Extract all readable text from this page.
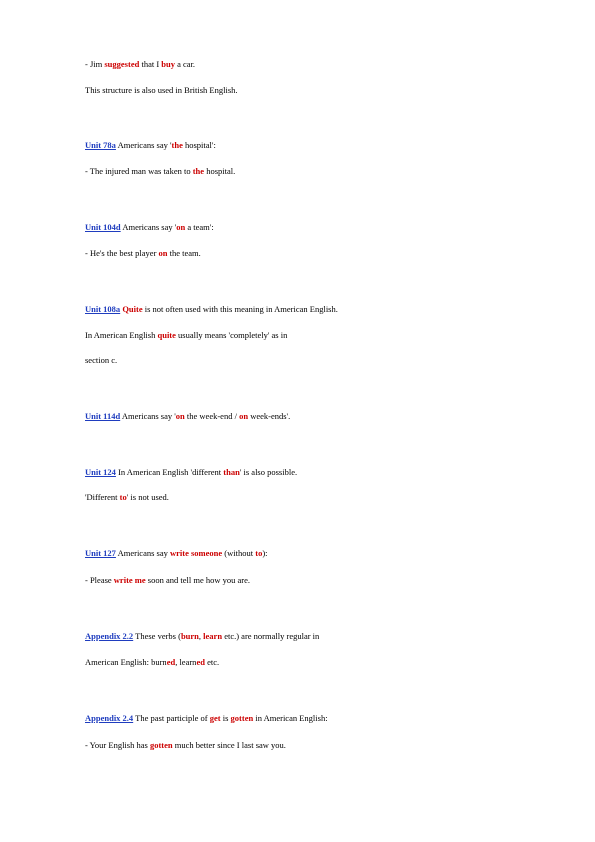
- Jim suggested that I buy a car.
This structure is also used in British English.
Unit 78a Americans say 'the hospital':
- The injured man was taken to the hospital.
Unit 104d Americans say 'on a team':
- He's the best player on the team.
Unit 108a Quite is not often used with this meaning in American English.
In American English quite usually means 'completely' as in
section c.
Unit 114d Americans say 'on the week-end / on week-ends'.
Unit 124 In American English 'different than' is also possible.
'Different to' is not used.
Unit 127 Americans say write someone (without to):
- Please write me soon and tell me how you are.
Appendix 2.2 These verbs (burn, learn etc.) are normally regular in
American English: burned, learned etc.
Appendix 2.4 The past participle of get is gotten in American English:
- Your English has gotten much better since I last saw you.
